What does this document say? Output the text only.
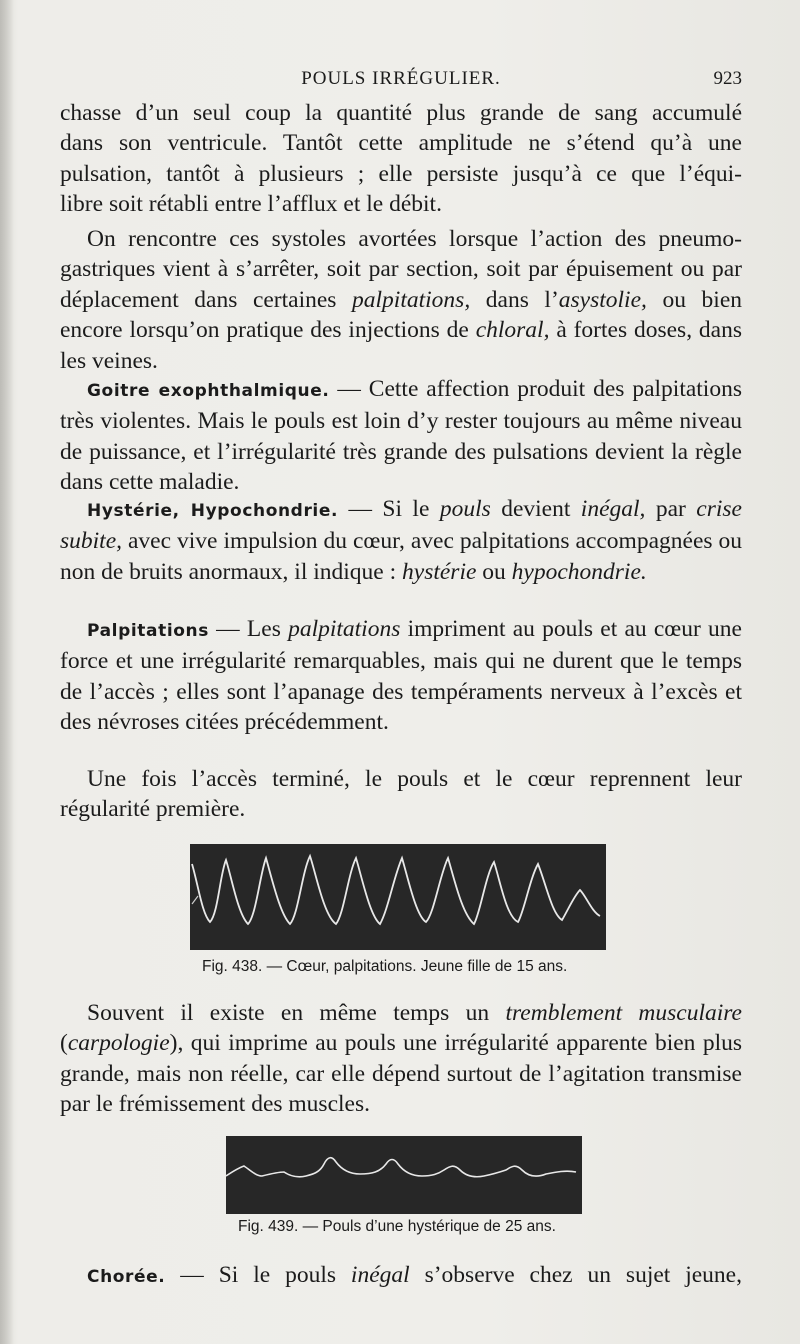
POULS IRRÉGULIER.	923

chasse d’un seul coup la quantité plus grande de sang accumulé

dans son ventricule. Tantôt cette amplitude ne s’étend qu’à une

pulsation, tantôt à plusieurs ; elle persiste jusqu’à ce que l’équi-

libre soit rétabli entre l’afflux et le débit.

On rencontre ces systoles avortées lorsque l’action des pneumo-gastriques vient à s’arrêter, soit par section, soit par épuisement ou par déplacement dans certaines palpitations, dans l’asystolie, ou bien encore lorsqu’on pratique des injections de chloral, à fortes doses, dans les veines.

Goitre exophthalmique. — Cette affection produit des palpitations très violentes. Mais le pouls est loin d’y rester toujours au même niveau de puissance, et l’irrégularité très grande des pulsations devient la règle dans cette maladie.

Hystérie, Hypochondrie. — Si le pouls devient inégal, par crise subite, avec vive impulsion du cœur, avec palpitations accompagnées ou non de bruits anormaux, il indique : hystérie ou hypochondrie.

Palpitations — Les palpitations impriment au pouls et au cœur une force et une irrégularité remarquables, mais qui ne durent que le temps de l’accès ; elles sont l’apanage des tempéraments nerveux à l’excès et des névroses citées précédemment.

Une fois l’accès terminé, le pouls et le cœur reprennent leur régularité première.

Fig. 438. — Cœur, palpitations. Jeune fille de 15 ans.

Souvent il existe en même temps un tremblement musculaire (carpologie), qui imprime au pouls une irrégularité apparente bien plus grande, mais non réelle, car elle dépend surtout de l’agitation transmise par le frémissement des muscles.

Fig. 439. — Pouls d’une hystérique de 25 ans.

Chorée. — Si le pouls inégal s’observe chez un sujet jeune,
